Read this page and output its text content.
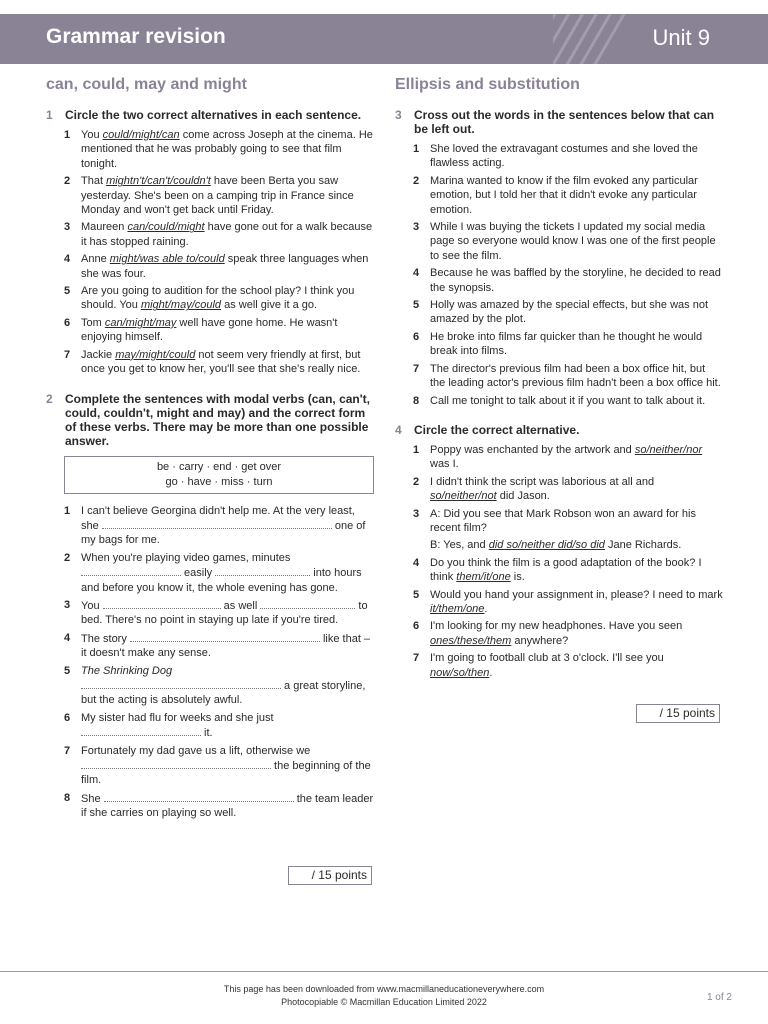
Grammar revision	Unit 9
can, could, may and might
1	Circle the two correct alternatives in each sentence.
1 You could/might/can come across Joseph at the cinema. He mentioned that he was probably going to see that film tonight.
2 That mightn't/can't/couldn't have been Berta you saw yesterday. She's been on a camping trip in France since Monday and won't get back until Friday.
3 Maureen can/could/might have gone out for a walk because it has stopped raining.
4 Anne might/was able to/could speak three languages when she was four.
5 Are you going to audition for the school play? I think you should. You might/may/could as well give it a go.
6 Tom can/might/may well have gone home. He wasn't enjoying himself.
7 Jackie may/might/could not seem very friendly at first, but once you get to know her, you'll see that she's really nice.
2	Complete the sentences with modal verbs (can, can't, could, couldn't, might and may) and the correct form of these verbs. There may be more than one possible answer.
be · carry · end · get over
go · have · miss · turn
1 I can't believe Georgina didn't help me. At the very least, she	one of my bags for me.
2 When you're playing video games, minutes  easily	into hours and before you know it, the whole evening has gone.
3 You	as well	to bed. There's no point in staying up late if you're tired.
4 The story	like that – it doesn't make any sense.
5 The Shrinking Dog  a great storyline, but the acting is absolutely awful.
6 My sister had flu for weeks and she just  it.
7 Fortunately my dad gave us a lift, otherwise we  the beginning of the film.
8 She	the team leader if she carries on playing so well.
/ 15 points
Ellipsis and substitution
3	Cross out the words in the sentences below that can be left out.
1 She loved the extravagant costumes and she loved the flawless acting.
2 Marina wanted to know if the film evoked any particular emotion, but I told her that it didn't evoke any particular emotion.
3 While I was buying the tickets I updated my social media page so everyone would know I was one of the first people to see the film.
4 Because he was baffled by the storyline, he decided to read the synopsis.
5 Holly was amazed by the special effects, but she was not amazed by the plot.
6 He broke into films far quicker than he thought he would break into films.
7 The director's previous film had been a box office hit, but the leading actor's previous film hadn't been a box office hit.
8 Call me tonight to talk about it if you want to talk about it.
4	Circle the correct alternative.
1 Poppy was enchanted by the artwork and so/neither/nor was I.
2 I didn't think the script was laborious at all and so/neither/not did Jason.
3 A: Did you see that Mark Robson won an award for his recent film?
B: Yes, and did so/neither did/so did Jane Richards.
4 Do you think the film is a good adaptation of the book? I think them/it/one is.
5 Would you hand your assignment in, please? I need to mark it/them/one.
6 I'm looking for my new headphones. Have you seen ones/these/them anywhere?
7 I'm going to football club at 3 o'clock. I'll see you now/so/then.
/ 15 points
This page has been downloaded from www.macmillaneducationeverywhere.com
Photocopiable © Macmillan Education Limited 2022	1 of 2
